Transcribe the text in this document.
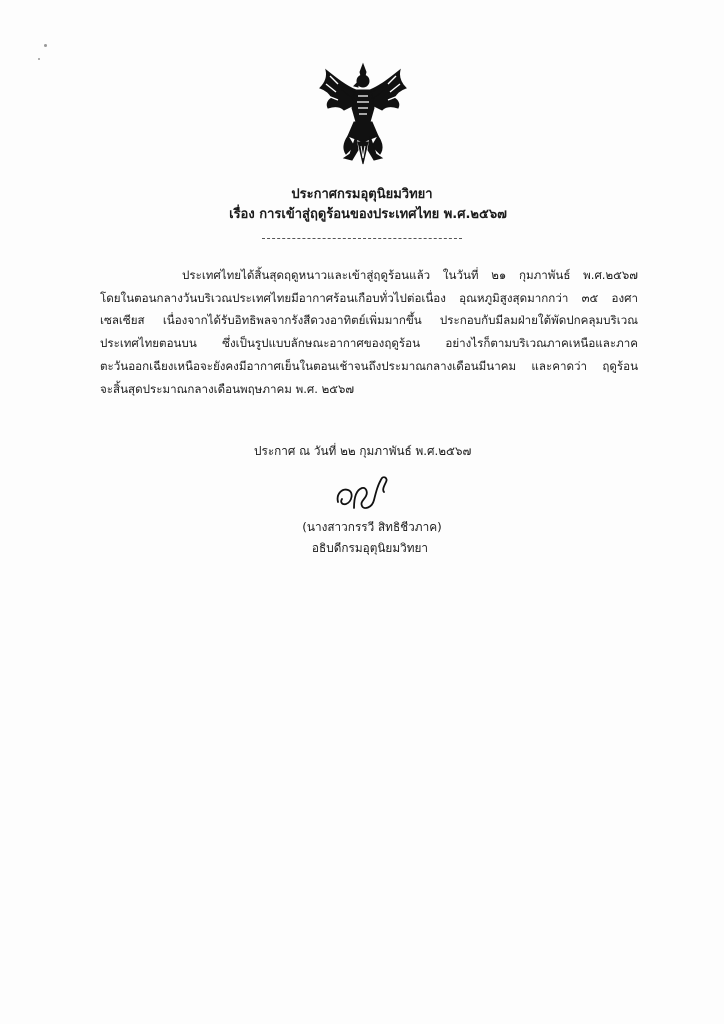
ประกาศกรมอุตุนิยมวิทยา
เรื่อง การเข้าสู่ฤดูร้อนของประเทศไทย พ.ศ.๒๕๖๗
ประเทศไทยได้สิ้นสุดฤดูหนาวและเข้าสู่ฤดูร้อนแล้ว ในวันที่ ๒๑ กุมภาพันธ์ พ.ศ.๒๕๖๗
โดยในตอนกลางวันบริเวณประเทศไทยมีอากาศร้อนเกือบทั่วไปต่อเนื่อง อุณหภูมิสูงสุดมากกว่า ๓๕ องศา
เซลเซียส เนื่องจากได้รับอิทธิพลจากรังสีดวงอาทิตย์เพิ่มมากขึ้น ประกอบกับมีลมฝ่ายใต้พัดปกคลุมบริเวณ
ประเทศไทยตอนบน ซึ่งเป็นรูปแบบลักษณะอากาศของฤดูร้อน อย่างไรก็ตามบริเวณภาคเหนือและภาค
ตะวันออกเฉียงเหนือจะยังคงมีอากาศเย็นในตอนเช้าจนถึงประมาณกลางเดือนมีนาคม และคาดว่า ฤดูร้อน
จะสิ้นสุดประมาณกลางเดือนพฤษภาคม พ.ศ. ๒๕๖๗
ประกาศ ณ วันที่ ๒๒ กุมภาพันธ์ พ.ศ.๒๕๖๗
(นางสาวกรรวี สิทธิชีวภาค)
อธิบดีกรมอุตุนิยมวิทยา
